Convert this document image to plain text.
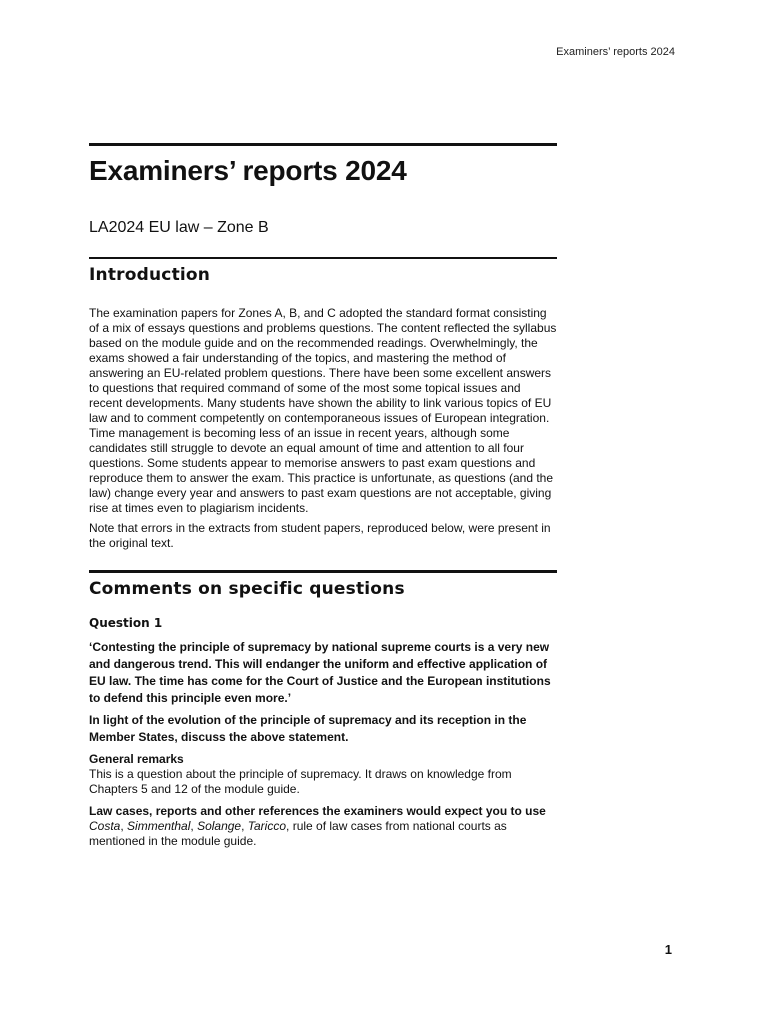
Examiners’ reports 2024
Examiners’ reports 2024
LA2024 EU law – Zone B
Introduction

The examination papers for Zones A, B, and C adopted the standard format consisting of a mix of essays questions and problems questions. The content reflected the syllabus based on the module guide and on the recommended readings. Overwhelmingly, the exams showed a fair understanding of the topics, and mastering the method of answering an EU-related problem questions. There have been some excellent answers to questions that required command of some of the most some topical issues and recent developments. Many students have shown the ability to link various topics of EU law and to comment competently on contemporaneous issues of European integration. Time management is becoming less of an issue in recent years, although some candidates still struggle to devote an equal amount of time and attention to all four questions. Some students appear to memorise answers to past exam questions and reproduce them to answer the exam. This practice is unfortunate, as questions (and the law) change every year and answers to past exam questions are not acceptable, giving rise at times even to plagiarism incidents.

Note that errors in the extracts from student papers, reproduced below, were present in the original text.

Comments on specific questions
Question 1

‘Contesting the principle of supremacy by national supreme courts is a very new and dangerous trend. This will endanger the uniform and effective application of EU law. The time has come for the Court of Justice and the European institutions to defend this principle even more.’

In light of the evolution of the principle of supremacy and its reception in the Member States, discuss the above statement.

General remarks

This is a question about the principle of supremacy. It draws on knowledge from Chapters 5 and 12 of the module guide.

Law cases, reports and other references the examiners would expect you to use

Costa, Simmenthal, Solange, Taricco, rule of law cases from national courts as mentioned in the module guide.

1
